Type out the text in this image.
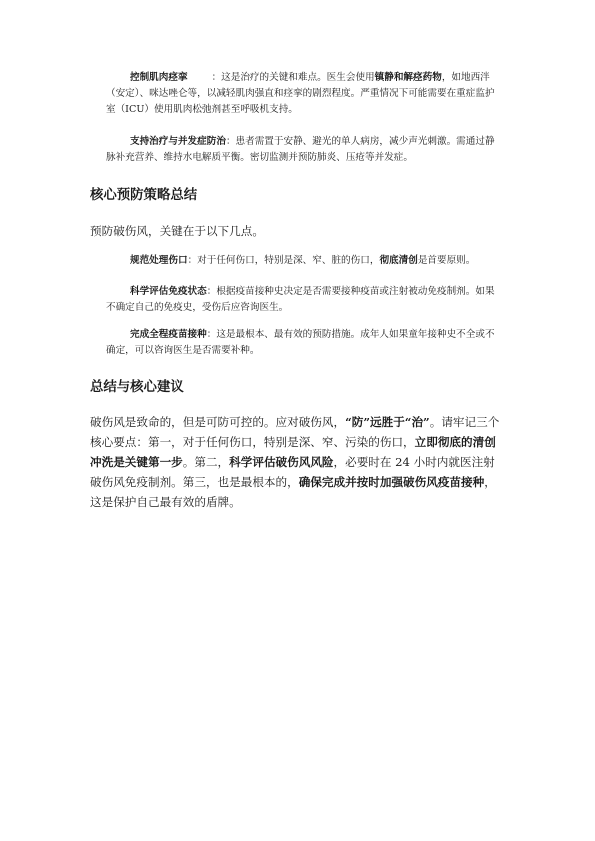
控制肌肉痉挛	：这是治疗的关键和难点。医生会使用镇静和解痉药物，如地西泮（安定）、咪达唑仑等，以减轻肌肉强直和痉挛的剧烈程度。严重情况下可能需要在重症监护室（ICU）使用肌肉松弛剂甚至呼吸机支持。

支持治疗与并发症防治：患者需置于安静、避光的单人病房，减少声光刺激。需通过静脉补充营养、维持水电解质平衡。密切监测并预防肺炎、压疮等并发症。

核心预防策略总结

预防破伤风，关键在于以下几点。

规范处理伤口：对于任何伤口，特别是深、窄、脏的伤口，彻底清创是首要原则。

科学评估免疫状态：根据疫苗接种史决定是否需要接种疫苗或注射被动免疫制剂。如果不确定自己的免疫史，受伤后应咨询医生。

完成全程疫苗接种：这是最根本、最有效的预防措施。成年人如果童年接种史不全或不确定，可以咨询医生是否需要补种。

总结与核心建议

破伤风是致命的，但是可防可控的。应对破伤风，“防”远胜于“治”。请牢记三个核心要点：第一，对于任何伤口，特别是深、窄、污染的伤口，立即彻底的清创冲洗是关键第一步。第二，科学评估破伤风风险，必要时在 24 小时内就医注射破伤风免疫制剂。第三，也是最根本的，确保完成并按时加强破伤风疫苗接种，这是保护自己最有效的盾牌。
